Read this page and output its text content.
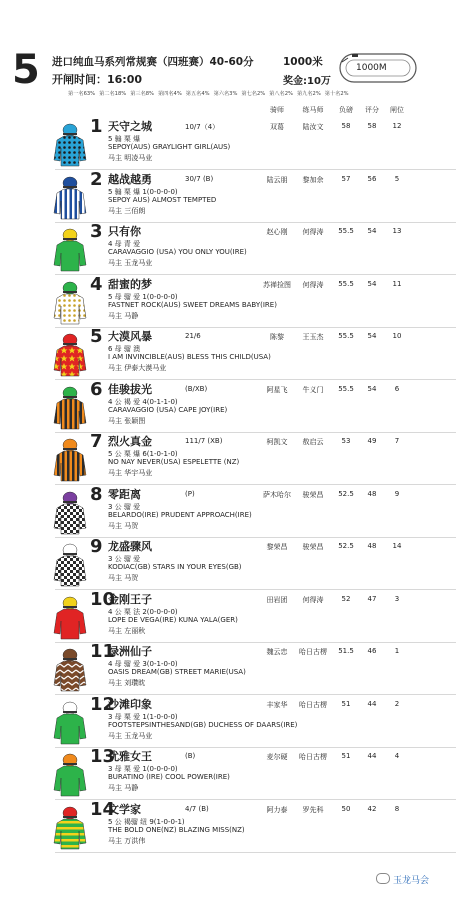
5 进口纯血马系列常规赛（四班赛）40-60分	1000米
开闸时间：16:00	奖金:10万
1000M
第一名63% 第二名18% 第三名8% 第四名4% 第五名4% 第六名3% 第七名2% 第八名2% 第九名2% 第十名2%
骑师	练马师	负磅	评分	闸位
1 天守之城	10/7（4）
5 骟 栗 爆
SEPOY(AUS) GRAYLIGHT GIRL(AUS)
马主 明凌马业
双葛	陆汝文	58	58	12
2 越战越勇	30/7 (B)
5 骟 栗 爆 1(0-0-0-0)
SEPOY AUS) ALMOST TEMPTED
马主 三佰朗
陆云朋	黎加余	57	56	5
3 只有你
4 母 青 爱
CARAVAGGIO (USA) YOU ONLY YOU(IRE)
马主 玉龙马业
赵心刚	何得涛	55.5	54	13
4 甜蜜的梦
5 母 骝 爱 1(0-0-0-0)
FASTNET ROCK(AUS) SWEET DREAMS BABY(IRE)
马主 马静
苏禅捡图	何得涛	55.5	54	11
5 大漠风暴	21/6
6 母 骝 澳
I AM INVINCIBLE(AUS) BLESS THIS CHILD(USA)
马主 伊泰大漠马业
陈黎	王玉杰	55.5	54	10
6 佳骏拔光	(B/XB)
4 公 褐 爱 4(0-1-1-0)
CARAVAGGIO (USA) CAPE JOY(IRE)
马主 张颖图
阿星飞	牛义门	55.5	54	6
7 烈火真金	111/7 (XB)
5 公 栗 爆 6(1-0-1-0)
NO NAY NEVER(USA) ESPELETTE (NZ)
马主 华宇马业
柯凯文	敖启云	53	49	7
8 零距离	(P)
3 公 骝 爱
BELARDO(IRE) PRUDENT APPROACH(IRE)
马主 马贺
萨木哈尔	骏荣昌	52.5	48	9
9 龙盛骤风
3 公 骝 爱
KODIAC(GB) STARS IN YOUR EYES(GB)
马主 马贺
黎荣昌	骏荣昌	52.5	48	14
10
金刚王子
4 公 栗 法 2(0-0-0-0)
LOPE DE VEGA(IRE) KUNA YALA(GER)
马主 左丽秋
田岩团	何得涛	52	47	3
11
绿洲仙子
4 母 骝 爱 3(0-1-0-0)
OASIS DREAM(GB) STREET MARIE(USA)
马主 刘瓚眈
魏云忠	哈日古楞	51.5	46	1
12
沙滩印象
3 母 栗 爱 1(1-0-0-0)
FOOTSTEPSINTHESAND(GB) DUCHESS OF DAARS(IRE)
马主 玉龙马业
丰家华	哈日古楞	51	44	2
13
优雅女王	(B)
3 母 栗 爱 1(0-0-0-0)
BURATINO (IRE) COOL POWER(IRE)
马主 马静
麦尔硬	哈日古楞	51	44	4
14
文学家	4/7 (B)
5 公 褐骝 纽 9(1-0-0-1)
THE BOLD ONE(NZ) BLAZING MISS(NZ)
马主 万洪伟
阿力泰	罗先科	50	42	8
玉龙马会
